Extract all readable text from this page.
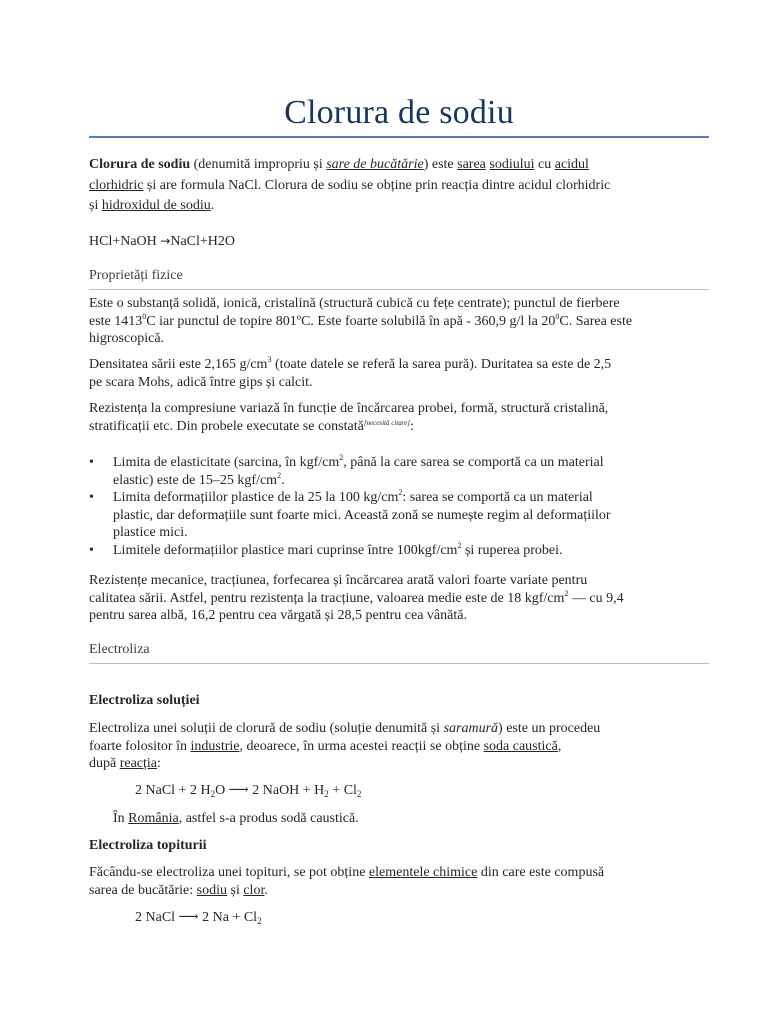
Clorura de sodiu

Clorura de sodiu (denumită impropriu și sare de bucătărie) este sarea sodiului cu acidul

clorhidric și are formula NaCl. Clorura de sodiu se obține prin reacția dintre acidul clorhidric

și hidroxidul de sodiu.

HCl+NaOH →NaCl+H2O

Proprietăți fizice

Este o substanță solidă, ionică, cristalină (structură cubică cu fețe centrate); punctul de fierbere

este 1413$^0$C iar punctul de topire 801ºC. Este foarte solubilă în apă - 360,9 g/l la $20^0C$. Sarea este

higroscopică.

Densitatea sării este 2,165 $g/cm^3$ (toate datele se referă la sarea pură). Duritatea sa este de 2,5

pe scara Mohs, adică între gips și calcit.

Rezistența la compresiune variază în funcție de încărcarea probei, formă, structură cristalină,

stratificații etc. Din probele executate se constată[necesită citare]:

• Limita de elasticitate (sarcina, în kgf/$cm^2$, până la care sarea se comportă ca un material
elastic) este de 15–25 kgf/$cm^2$.
• Limita deformațiilor plastice de la 25 la 100 $kg/cm^2$: sarea se comportă ca un material
plastic, dar deformațiile sunt foarte mici. Această zonă se numește regim al deformațiilor
plastice mici.
• Limitele deformațiilor plastice mari cuprinse între $100kgf/cm^2$ și ruperea probei.

Rezistențe mecanice, tracțiunea, forfecarea și încărcarea arată valori foarte variate pentru

calitatea sării. Astfel, pentru rezistența la tracțiune, valoarea medie este de 18 kgf/$cm^2$ — cu 9,4

pentru sarea albă, 16,2 pentru cea vărgată și 28,5 pentru cea vânătă.

Electroliza

Electroliza soluției

Electroliza unei soluții de clorură de sodiu (soluție denumită și saramură) este un procedeu

foarte folositor în industrie, deoarece, în urma acestei reacții se obține soda caustică,

după reacția:

2 NaCl + 2 $H_2O$ ⟶ 2 NaOH + $H_2 + Cl_2$

În România, astfel s-a produs sodă caustică.

Electroliza topiturii

Făcându-se electroliza unei topituri, se pot obține elementele chimice din care este compusă

sarea de bucătărie: sodiu și clor.

2 NaCl ⟶ 2 $Na + Cl_2$
